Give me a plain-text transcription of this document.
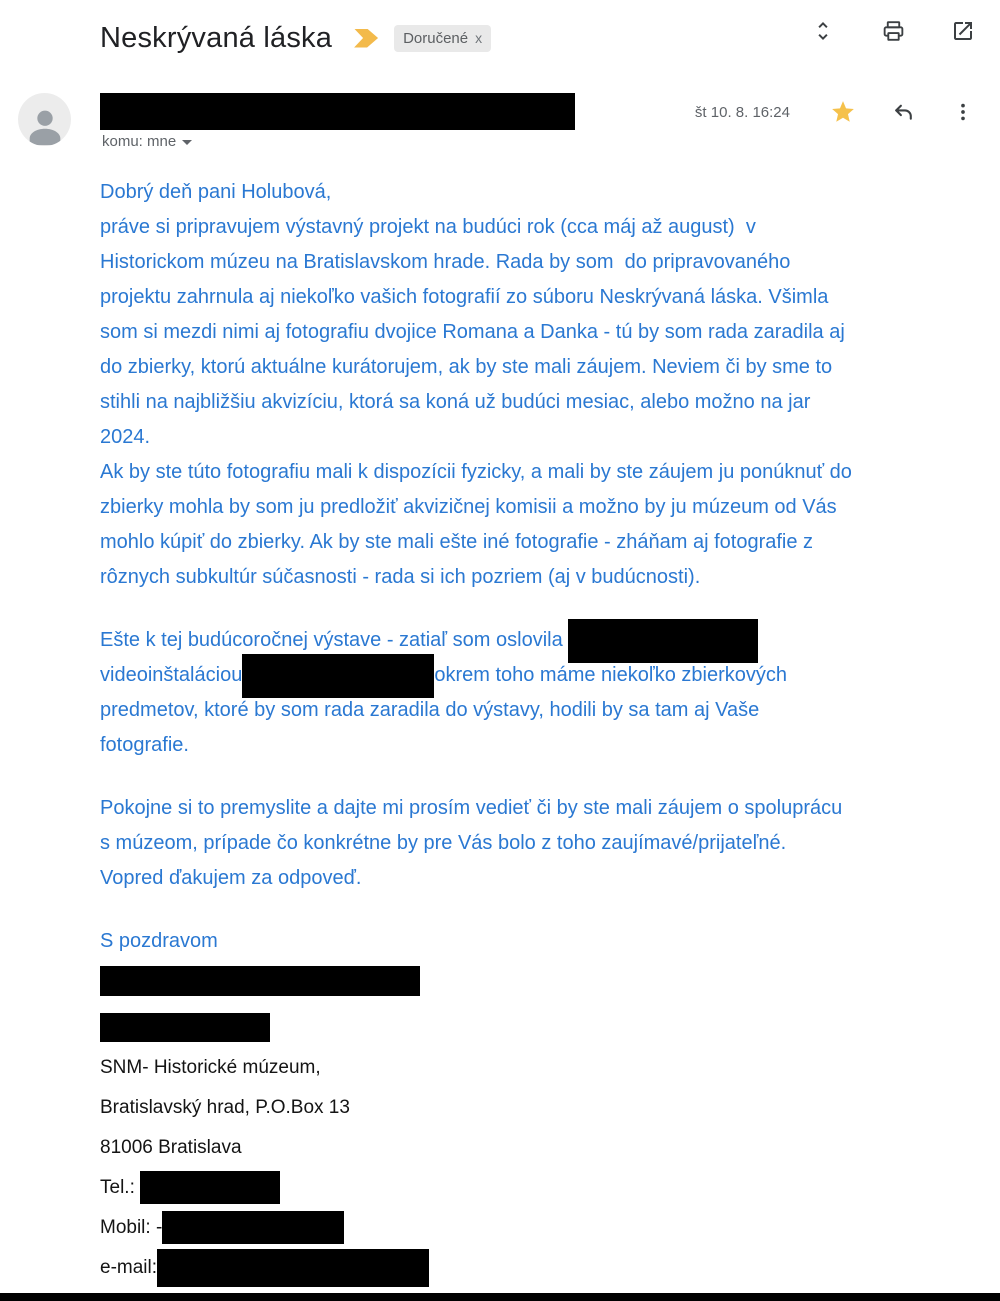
Neskrývaná láska	Doručené x
št 10. 8. 16:24
komu: mne
Dobrý deň pani Holubová,
práve si pripravujem výstavný projekt na budúci rok (cca máj až august)  v
Historickom múzeu na Bratislavskom hrade. Rada by som  do pripravovaného
projektu zahrnula aj niekoľko vašich fotografií zo súboru Neskrývaná láska. Všimla
som si mezdi nimi aj fotografiu dvojice Romana a Danka - tú by som rada zaradila aj
do zbierky, ktorú aktuálne kurátorujem, ak by ste mali záujem. Neviem či by sme to
stihli na najbližšiu akvizíciu, ktorá sa koná už budúci mesiac, alebo možno na jar
2024.
Ak by ste túto fotografiu mali k dispozícii fyzicky, a mali by ste záujem ju ponúknuť do
zbierky mohla by som ju predložiť akvizičnej komisii a možno by ju múzeum od Vás
mohlo kúpiť do zbierky. Ak by ste mali ešte iné fotografie - zháňam aj fotografie z
rôznych subkultúr súčasnosti - rada si ich pozriem (aj v budúcnosti).
Ešte k tej budúcoročnej výstave - zatiaľ som oslovila
videoinštaláciou	okrem toho máme niekoľko zbierkových
predmetov, ktoré by som rada zaradila do výstavy, hodili by sa tam aj Vaše
fotografie.
Pokojne si to premyslite a dajte mi prosím vedieť či by ste mali záujem o spoluprácu
s múzeom, prípade čo konkrétne by pre Vás bolo z toho zaujímavé/prijateľné.
Vopred ďakujem za odpoveď.
S pozdravom
SNM- Historické múzeum,
Bratislavský hrad, P.O.Box 13
81006 Bratislava
Tel.:
Mobil: -
e-mail:
